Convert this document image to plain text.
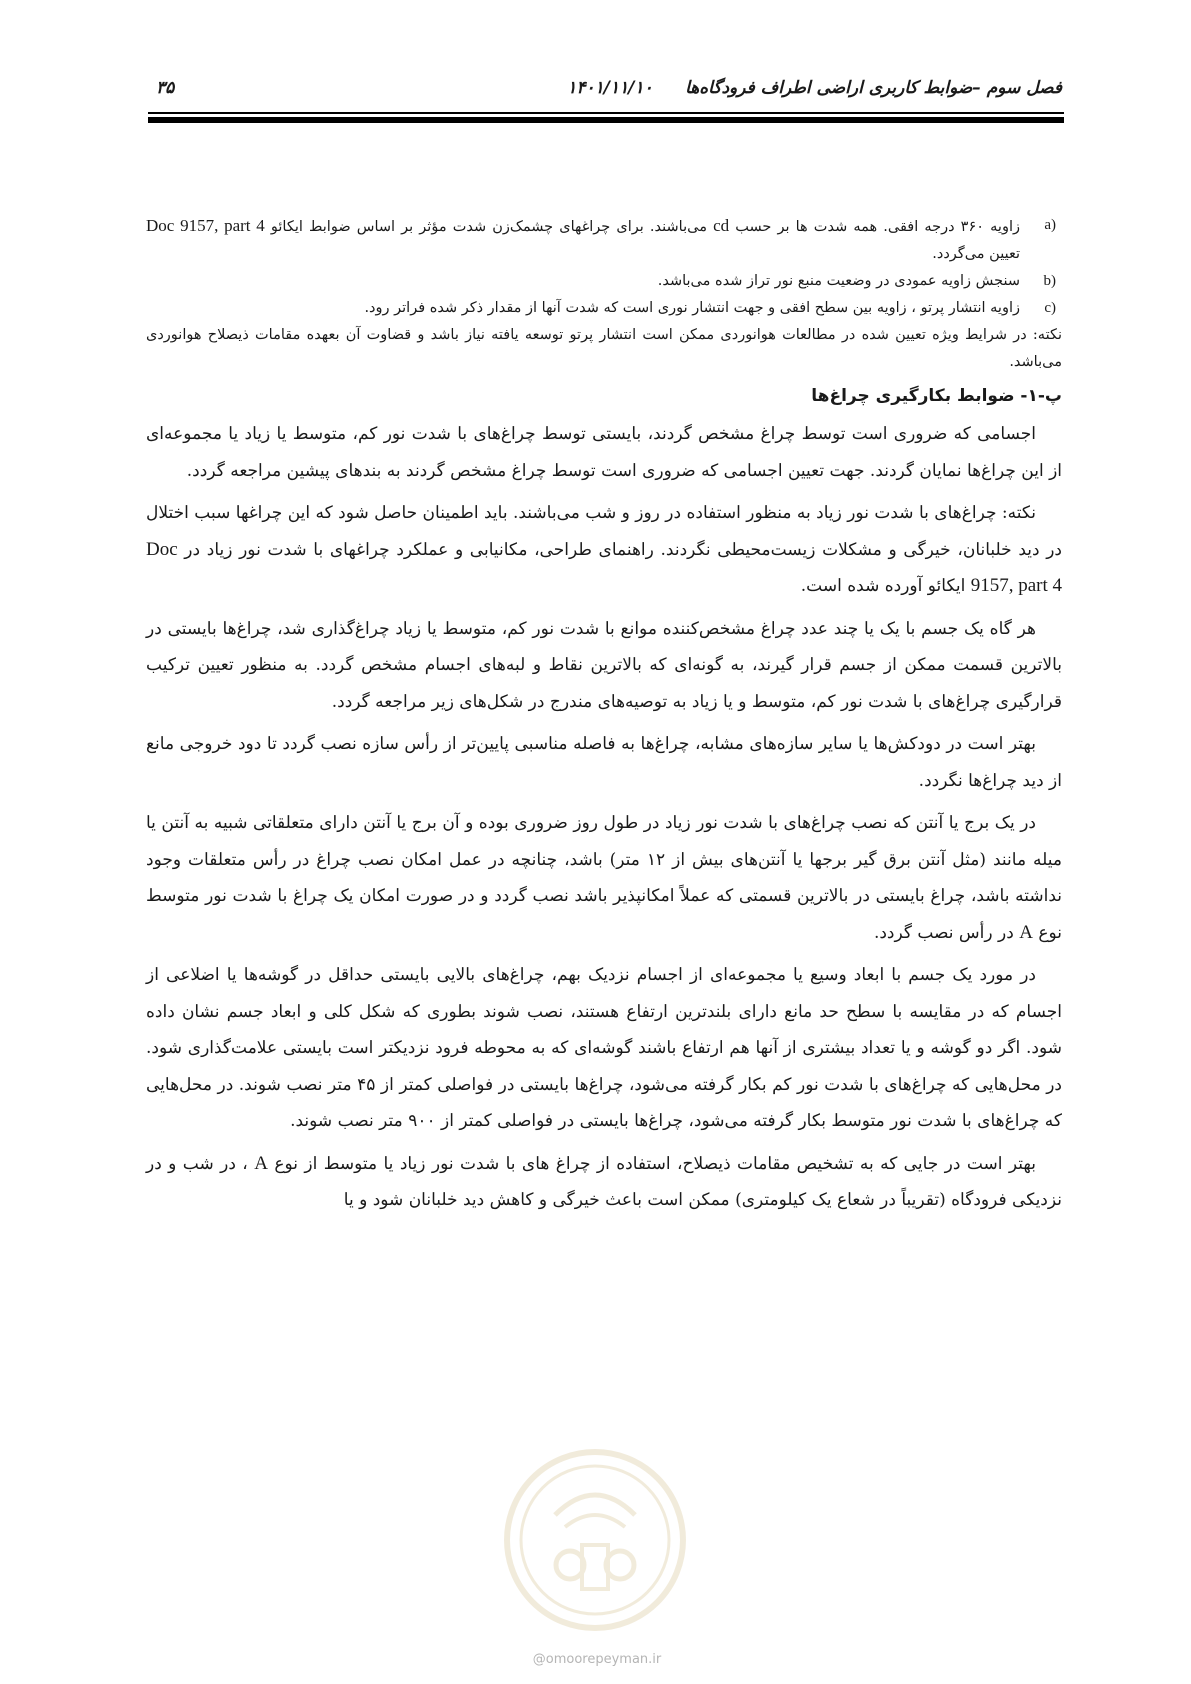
۳۵	۱۴۰۱/۱۱/۱۰	فصل سوم –ضوابط کاربری اراضی اطراف فرودگاه‌ها
a)
زاویه ۳۶۰ درجه افقی. همه شدت ها بر حسب cd می‌باشند. برای چراغهای چشمک‌زن شدت مؤثر بر اساس ضوابط ایکائو Doc 9157, part 4 تعیین می‌گردد.
b)
سنجش زاویه عمودی در وضعیت منبع نور تراز شده می‌باشد.
c)
زاویه انتشار پرتو ، زاویه بین سطح افقی و جهت انتشار نوری است که شدت آنها از مقدار ذکر شده فراتر رود.
نکته: در شرایط ویژه تعیین شده در مطالعات هوانوردی ممکن است انتشار پرتو توسعه یافته نیاز باشد و قضاوت آن بعهده مقامات ذیصلاح هوانوردی می‌باشد.
پ-۱- ضوابط بکارگیری چراغ‌ها

اجسامی که ضروری است توسط چراغ مشخص گردند، بایستی توسط چراغ‌های با شدت نور کم، متوسط یا زیاد یا مجموعه‌ای از این چراغ‌ها نمایان گردند. جهت تعیین اجسامی که ضروری است توسط چراغ مشخص گردند به بندهای پیشین مراجعه گردد.

نکته: چراغ‌های با شدت نور زیاد به منظور استفاده در روز و شب می‌باشند. باید اطمینان حاصل شود که این چراغها سبب اختلال در دید خلبانان، خیرگی و مشکلات زیست‌محیطی نگردند. راهنمای طراحی، مکانیابی و عملکرد چراغهای با شدت نور زیاد در Doc 9157, part 4 ایکائو آورده شده است.

هر گاه یک جسم با یک یا چند عدد چراغ مشخص‌کننده موانع با شدت نور کم، متوسط یا زیاد چراغ‌گذاری شد، چراغ‌ها بایستی در بالاترین قسمت ممکن از جسم قرار گیرند، به گونه‌ای که بالاترین نقاط و لبه‌های اجسام مشخص گردد. به منظور تعیین ترکیب قرارگیری چراغ‌های با شدت نور کم، متوسط و یا زیاد به توصیه‌های مندرج در شکل‌های زیر مراجعه گردد.

بهتر است در دودکش‌ها یا سایر سازه‌های مشابه، چراغ‌ها به فاصله مناسبی پایین‌تر از رأس سازه نصب گردد تا دود خروجی مانع از دید چراغ‌ها نگردد.

در یک برج یا آنتن که نصب چراغ‌های با شدت نور زیاد در طول روز ضروری بوده و آن برج یا آنتن دارای متعلقاتی شبیه به آنتن یا میله مانند (مثل آنتن برق گیر برجها یا آنتن‌های بیش از ۱۲ متر) باشد، چنانچه در عمل امکان نصب چراغ در رأس متعلقات وجود نداشته باشد، چراغ بایستی در بالاترین قسمتی که عملاً امکانپذیر باشد نصب گردد و در صورت امکان یک چراغ با شدت نور متوسط نوع A در رأس نصب گردد.

در مورد یک جسم با ابعاد وسیع یا مجموعه‌ای از اجسام نزدیک بهم، چراغ‌های بالایی بایستی حداقل در گوشه‌ها یا اضلاعی از اجسام که در مقایسه با سطح حد مانع دارای بلندترین ارتفاع هستند، نصب شوند بطوری که شکل کلی و ابعاد جسم نشان داده شود. اگر دو گوشه و یا تعداد بیشتری از آنها هم ارتفاع باشند گوشه‌ای که به محوطه فرود نزدیکتر است بایستی علامت‌گذاری شود. در محل‌هایی که چراغ‌های با شدت نور کم بکار گرفته می‌شود، چراغ‌ها بایستی در فواصلی کمتر از ۴۵ متر نصب شوند. در محل‌هایی که چراغ‌های با شدت نور متوسط بکار گرفته می‌شود، چراغ‌ها بایستی در فواصلی کمتر از ۹۰۰ متر نصب شوند.

بهتر است در جایی که به تشخیص مقامات ذیصلاح، استفاده از چراغ های با شدت نور زیاد یا متوسط از نوع A ، در شب و در نزدیکی فرودگاه (تقریباً در شعاع یک کیلومتری) ممکن است باعث خیرگی و کاهش دید خلبانان شود و یا

@omoorepeyman.ir
